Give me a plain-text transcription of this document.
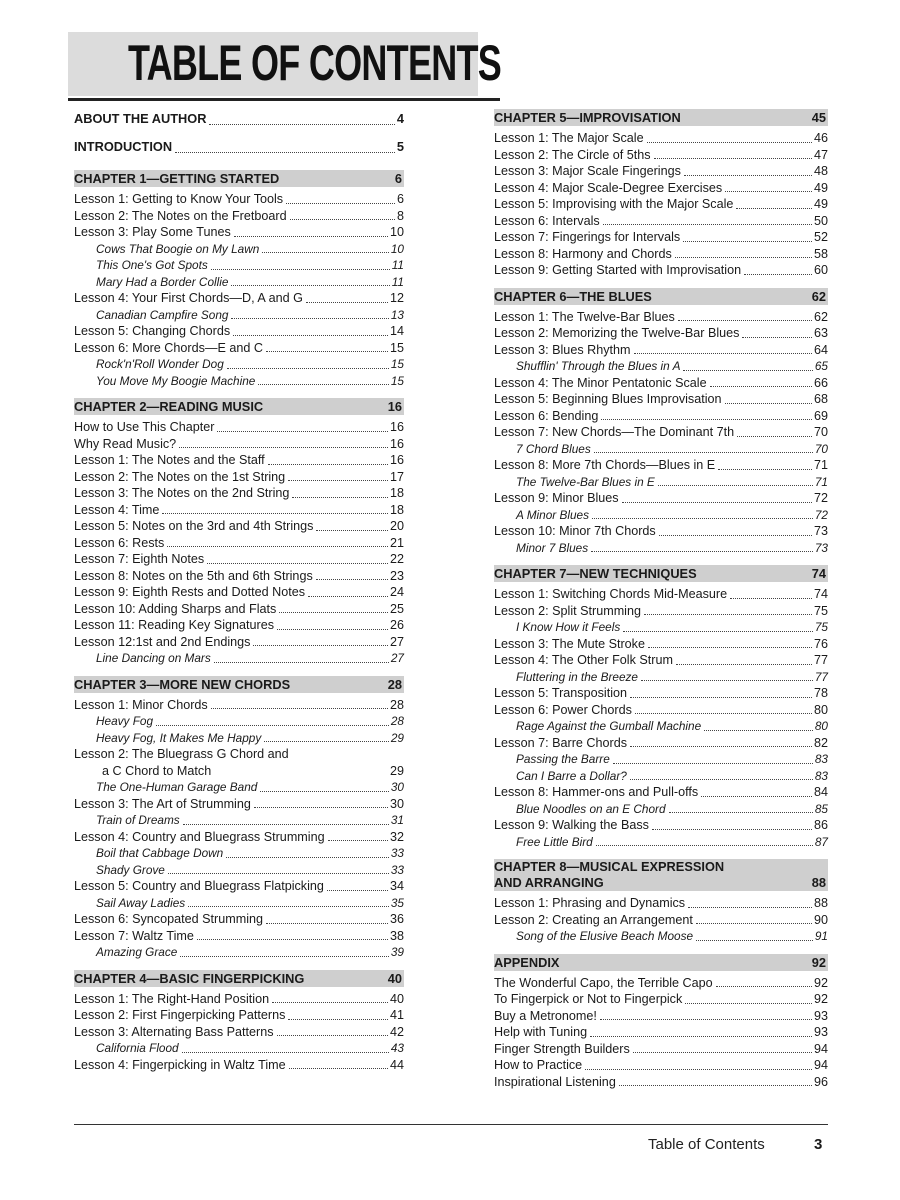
TABLE OF CONTENTS
ABOUT THE AUTHOR	4
INTRODUCTION	5
CHAPTER 1—GETTING STARTED	6
Lesson 1: Getting to Know Your Tools	6
Lesson 2: The Notes on the Fretboard	8
Lesson 3: Play Some Tunes	10
Cows That Boogie on My Lawn	10
This One's Got Spots	11
Mary Had a Border Collie	11
Lesson 4: Your First Chords—D, A and G	12
Canadian Campfire Song	13
Lesson 5: Changing Chords	14
Lesson 6: More Chords—E and C	15
Rock'n'Roll Wonder Dog	15
You Move My Boogie Machine	15
CHAPTER 2—READING MUSIC	16
How to Use This Chapter	16
Why Read Music?	16
Lesson 1: The Notes and the Staff	16
Lesson 2: The Notes on the 1st String	17
Lesson 3: The Notes on the 2nd String	18
Lesson 4: Time	18
Lesson 5: Notes on the 3rd and 4th Strings	20
Lesson 6: Rests	21
Lesson 7: Eighth Notes	22
Lesson 8: Notes on the 5th and 6th Strings	23
Lesson 9: Eighth Rests and Dotted Notes	24
Lesson 10: Adding Sharps and Flats	25
Lesson 11: Reading Key Signatures	26
Lesson 12:1st and 2nd Endings	27
Line Dancing on Mars	27
CHAPTER 3—MORE NEW CHORDS	28
Lesson 1: Minor Chords	28
Heavy Fog	28
Heavy Fog, It Makes Me Happy	29
Lesson 2: The Bluegrass G Chord and
a C Chord to Match	29
The One-Human Garage Band	30
Lesson 3: The Art of Strumming	30
Train of Dreams	31
Lesson 4: Country and Bluegrass Strumming	32
Boil that Cabbage Down	33
Shady Grove	33
Lesson 5: Country and Bluegrass Flatpicking	34
Sail Away Ladies	35
Lesson 6: Syncopated Strumming	36
Lesson 7: Waltz Time	38
Amazing Grace	39
CHAPTER 4—BASIC FINGERPICKING	40
Lesson 1: The Right-Hand Position	40
Lesson 2: First Fingerpicking Patterns	41
Lesson 3: Alternating Bass Patterns	42
California Flood	43
Lesson 4: Fingerpicking in Waltz Time	44
CHAPTER 5—IMPROVISATION	45
Lesson 1: The Major Scale	46
Lesson 2: The Circle of 5ths	47
Lesson 3: Major Scale Fingerings	48
Lesson 4: Major Scale-Degree Exercises	49
Lesson 5: Improvising with the Major Scale	49
Lesson 6: Intervals	50
Lesson 7: Fingerings for Intervals	52
Lesson 8: Harmony and Chords	58
Lesson 9: Getting Started with Improvisation	60
CHAPTER 6—THE BLUES	62
Lesson 1: The Twelve-Bar Blues	62
Lesson 2: Memorizing the Twelve-Bar Blues	63
Lesson 3: Blues Rhythm	64
Shufflin' Through the Blues in A	65
Lesson 4: The Minor Pentatonic Scale	66
Lesson 5: Beginning Blues Improvisation	68
Lesson 6: Bending	69
Lesson 7: New Chords—The Dominant 7th	70
7 Chord Blues	70
Lesson 8: More 7th Chords—Blues in E	71
The Twelve-Bar Blues in E	71
Lesson 9: Minor Blues	72
A Minor Blues	72
Lesson 10: Minor 7th Chords	73
Minor 7 Blues	73
CHAPTER 7—NEW TECHNIQUES	74
Lesson 1: Switching Chords Mid-Measure	74
Lesson 2: Split Strumming	75
I Know How it Feels	75
Lesson 3: The Mute Stroke	76
Lesson 4: The Other Folk Strum	77
Fluttering in the Breeze	77
Lesson 5: Transposition	78
Lesson 6: Power Chords	80
Rage Against the Gumball Machine	80
Lesson 7: Barre Chords	82
Passing the Barre	83
Can I Barre a Dollar?	83
Lesson 8: Hammer-ons and Pull-offs	84
Blue Noodles on an E Chord	85
Lesson 9: Walking the Bass	86
Free Little Bird	87
CHAPTER 8—MUSICAL EXPRESSION
AND ARRANGING	88
Lesson 1: Phrasing and Dynamics	88
Lesson 2: Creating an Arrangement	90
Song of the Elusive Beach Moose	91
APPENDIX	92
The Wonderful Capo, the Terrible Capo	92
To Fingerpick or Not to Fingerpick	92
Buy a Metronome!	93
Help with Tuning	93
Finger Strength Builders	94
How to Practice	94
Inspirational Listening	96
Table of Contents	3
